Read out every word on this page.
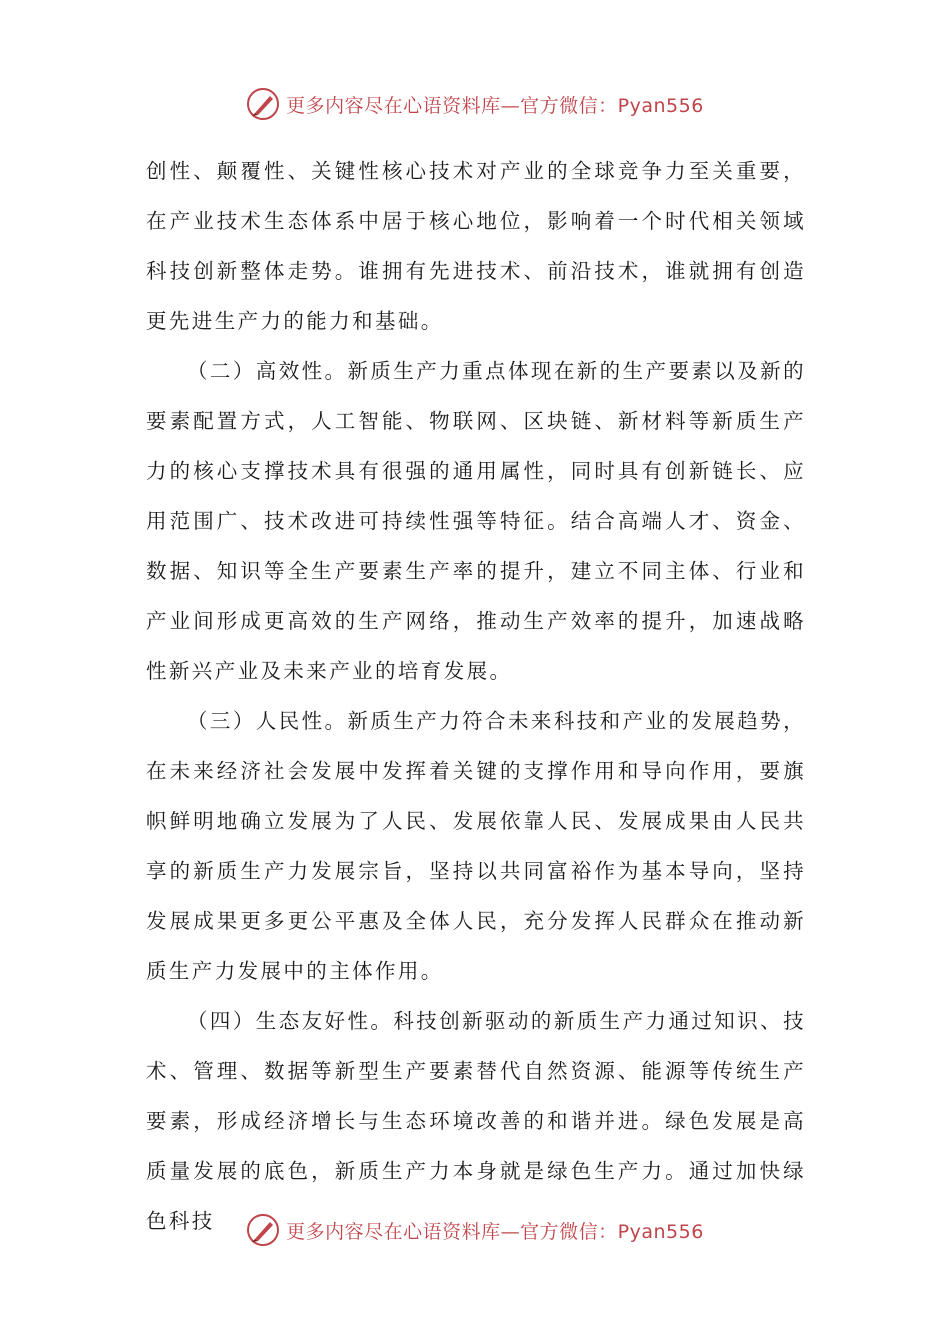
更多内容尽在心语资料库—官方微信：Pyan556

创性、颠覆性、关键性核心技术对产业的全球竞争力至关重要，在产业技术生态体系中居于核心地位，影响着一个时代相关领域科技创新整体走势。谁拥有先进技术、前沿技术，谁就拥有创造更先进生产力的能力和基础。

（二）高效性。新质生产力重点体现在新的生产要素以及新的要素配置方式，人工智能、物联网、区块链、新材料等新质生产力的核心支撑技术具有很强的通用属性，同时具有创新链长、应用范围广、技术改进可持续性强等特征。结合高端人才、资金、数据、知识等全生产要素生产率的提升，建立不同主体、行业和产业间形成更高效的生产网络，推动生产效率的提升，加速战略性新兴产业及未来产业的培育发展。

（三）人民性。新质生产力符合未来科技和产业的发展趋势，在未来经济社会发展中发挥着关键的支撑作用和导向作用，要旗帜鲜明地确立发展为了人民、发展依靠人民、发展成果由人民共享的新质生产力发展宗旨，坚持以共同富裕作为基本导向，坚持发展成果更多更公平惠及全体人民，充分发挥人民群众在推动新质生产力发展中的主体作用。

（四）生态友好性。科技创新驱动的新质生产力通过知识、技术、管理、数据等新型生产要素替代自然资源、能源等传统生产要素，形成经济增长与生态环境改善的和谐并进。绿色发展是高质量发展的底色，新质生产力本身就是绿色生产力。通过加快绿色科技	更多内容尽在心语资料库—官方微信：Pyan556
